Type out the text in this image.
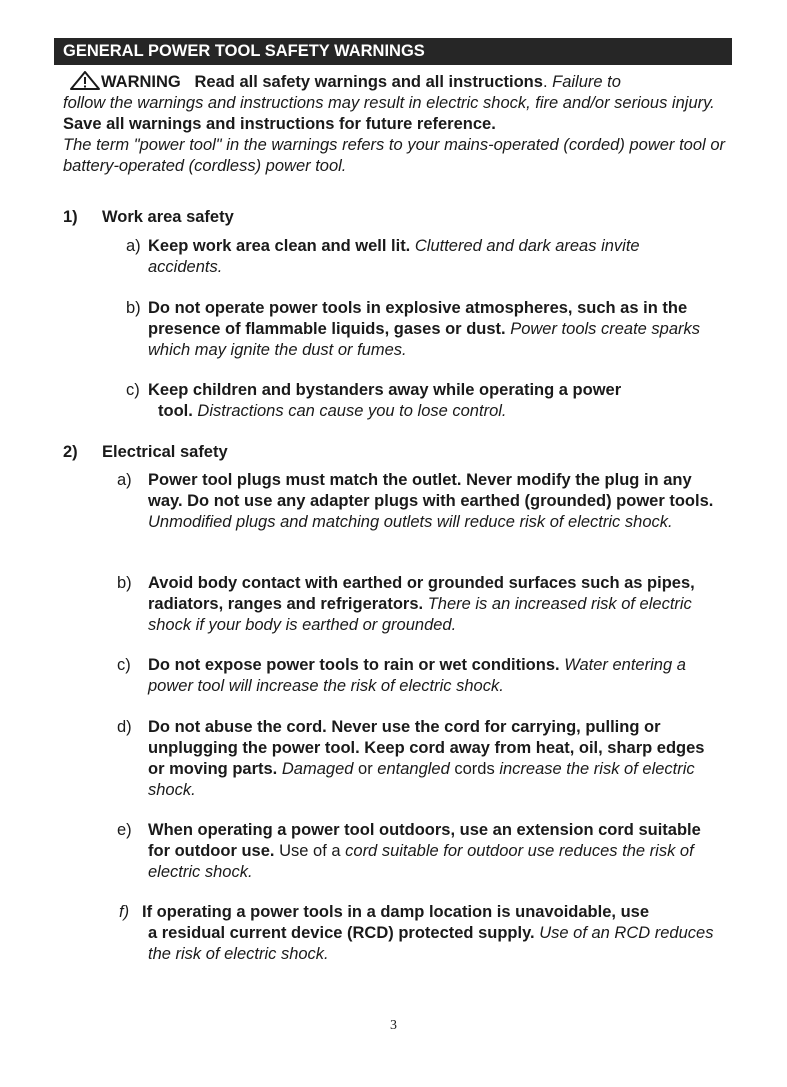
GENERAL POWER TOOL SAFETY WARNINGS

WARNING Read all safety warnings and all instructions. Failure to

follow the warnings and instructions may result in electric shock, fire and/or serious injury.

Save all warnings and instructions for future reference.

The term "power tool" in the warnings refers to your mains-operated (corded) power tool or battery-operated (cordless) power tool.

1) Work area safety
a) Keep work area clean and well lit. Cluttered and dark areas invite accidents.

b) Do not operate power tools in explosive atmospheres, such as in the presence of flammable liquids, gases or dust. Power tools create sparks which may ignite the dust or fumes.

c) Keep children and bystanders away while operating a power

tool. Distractions can cause you to lose control.

2) Electrical safety
a) Power tool plugs must match the outlet. Never modify the plug in any way. Do not use any adapter plugs with earthed (grounded) power tools. Unmodified plugs and matching outlets will reduce risk of electric shock.

b) Avoid body contact with earthed or grounded surfaces such as pipes, radiators, ranges and refrigerators. There is an increased risk of electric shock if your body is earthed or grounded.

c) Do not expose power tools to rain or wet conditions. Water entering a power tool will increase the risk of electric shock.

d) Do not abuse the cord. Never use the cord for carrying, pulling or unplugging the power tool. Keep cord away from heat, oil, sharp edges or moving parts. Damaged or entangled cords increase the risk of electric shock.

e) When operating a power tool outdoors, use an extension cord suitable for outdoor use. Use of a cord suitable for outdoor use reduces the risk of electric shock.

f) If operating a power tools in a damp location is unavoidable, use

a residual current device (RCD) protected supply. Use of an RCD reduces the risk of electric shock.

3
